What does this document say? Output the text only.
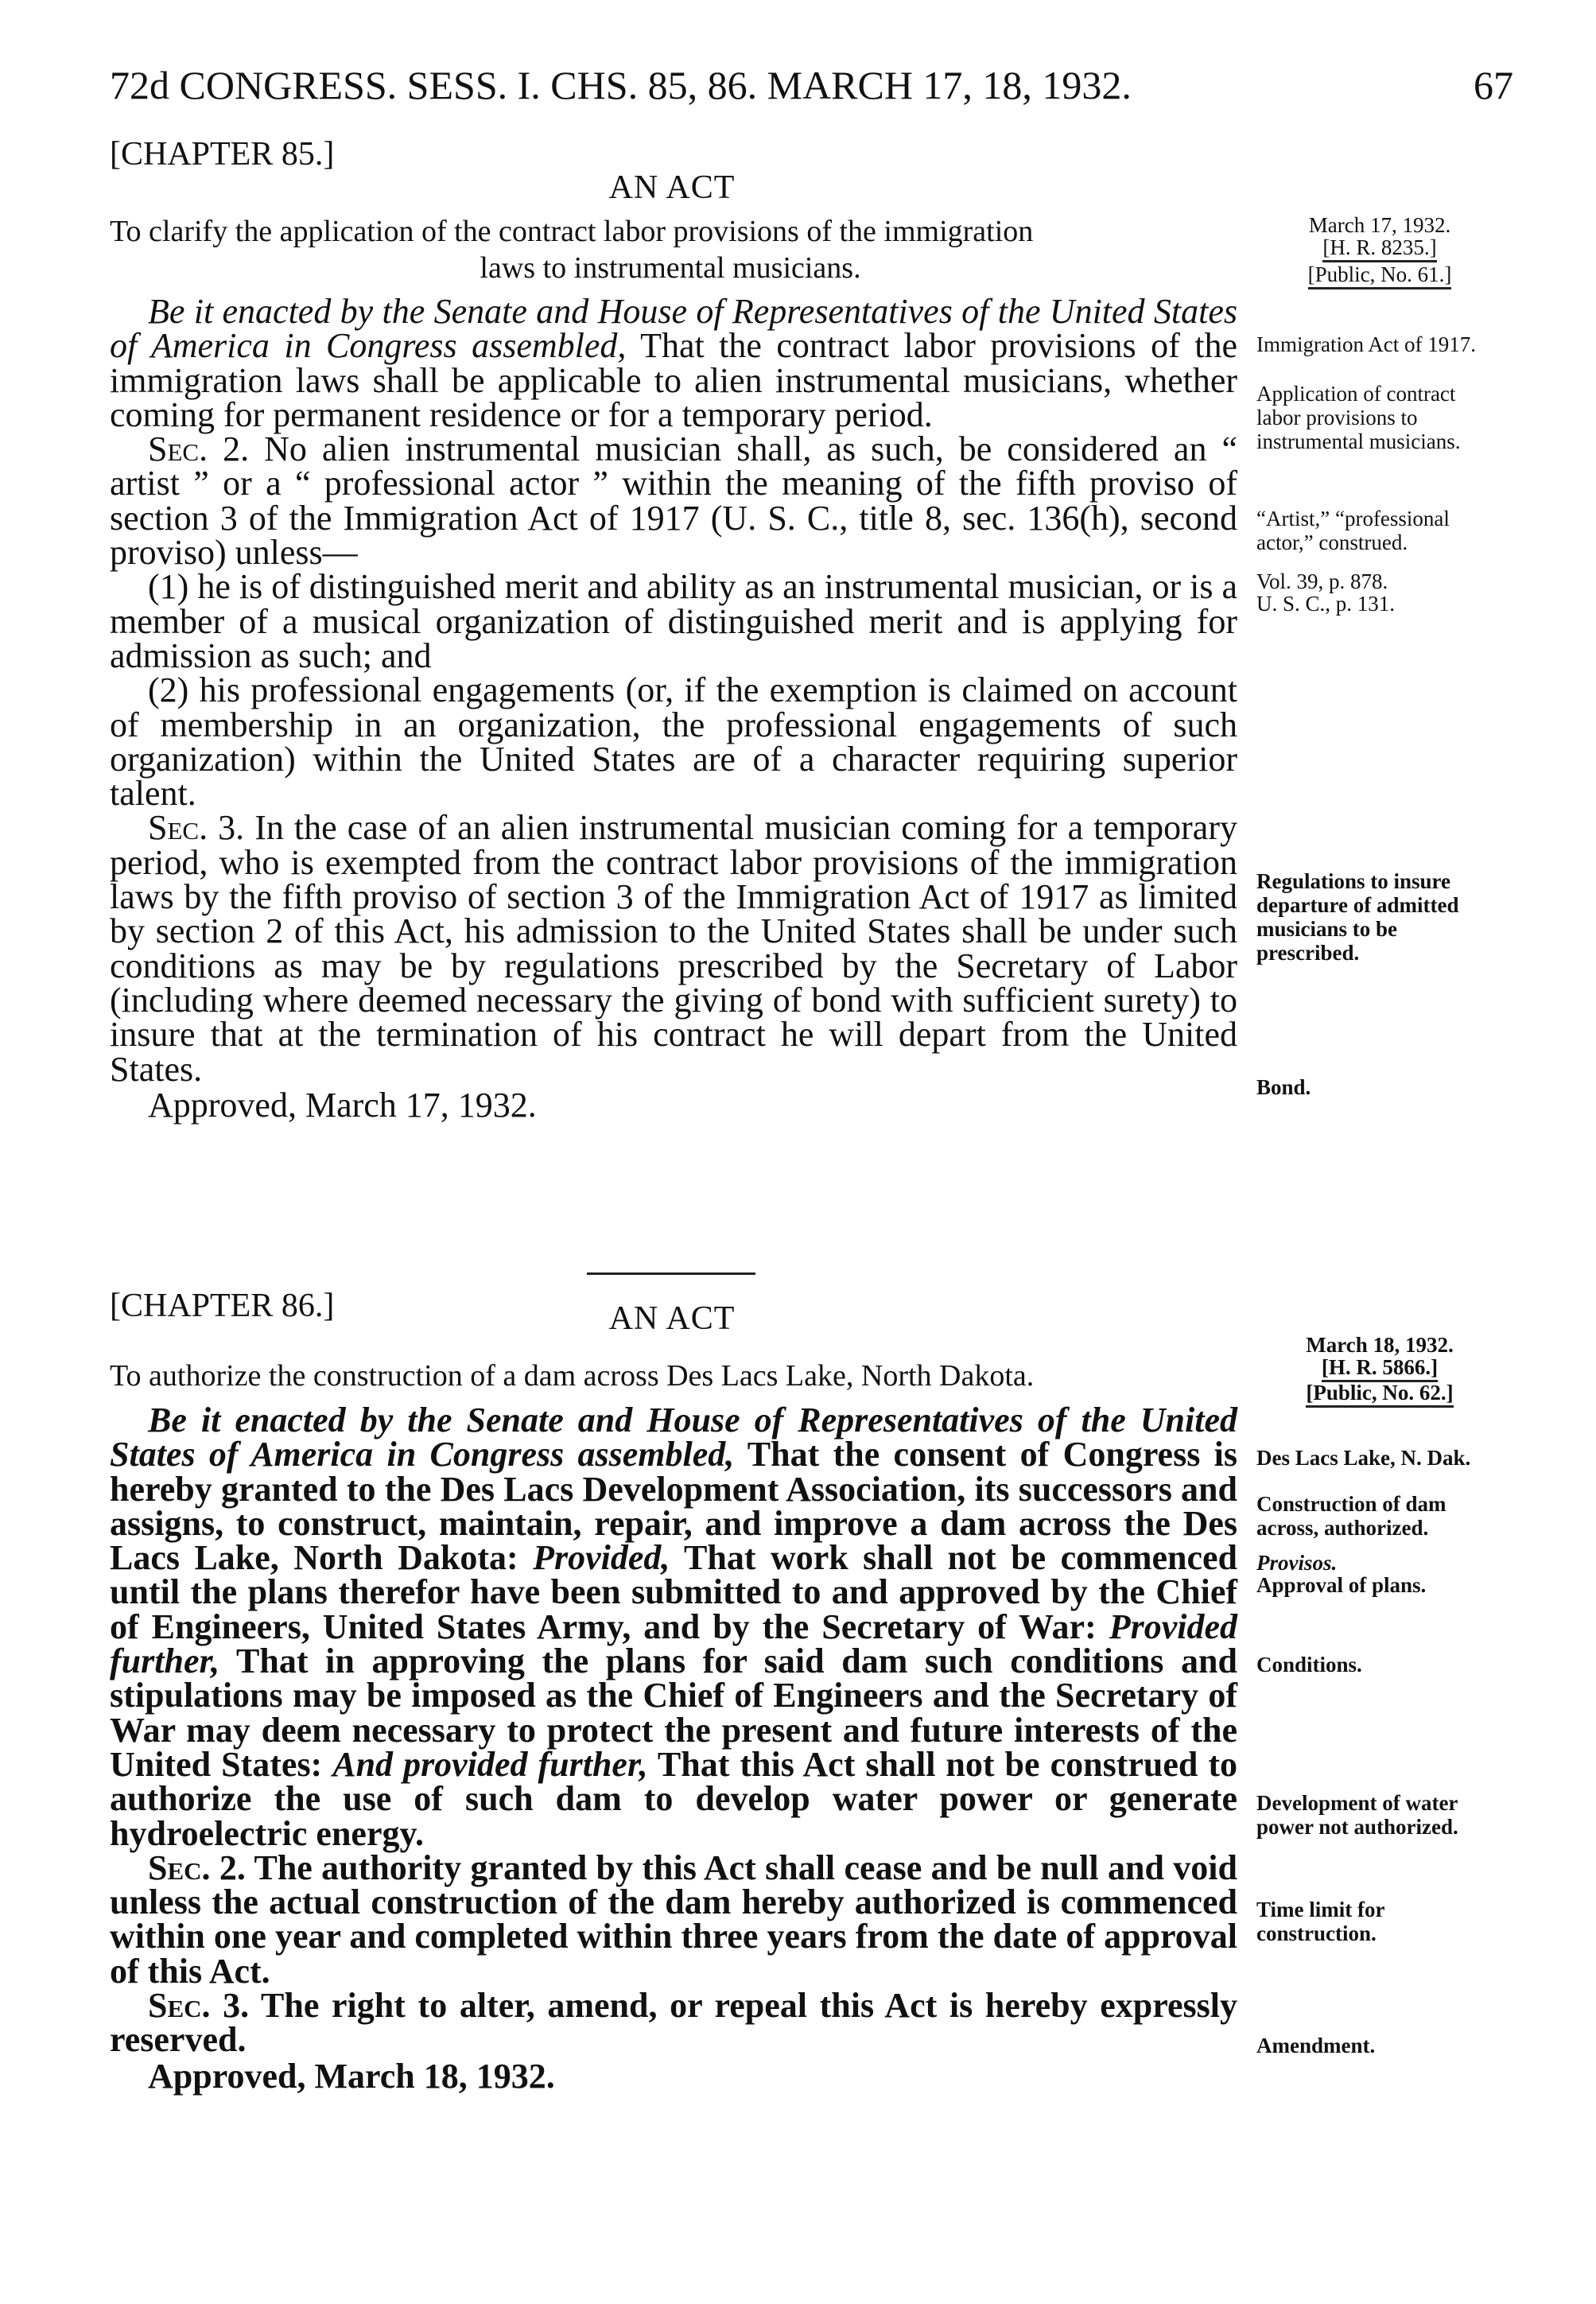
72d CONGRESS. SESS. I. CHS. 85, 86. MARCH 17, 18, 1932.	67
[CHAPTER 85.]
AN ACT
To clarify the application of the contract labor provisions of the immigration
laws to instrumental musicians.

Be it enacted by the Senate and House of Representatives of the United States of America in Congress assembled, That the contract labor provisions of the immigration laws shall be applicable to alien instrumental musicians, whether coming for permanent residence or for a temporary period.

Sec. 2. No alien instrumental musician shall, as such, be considered an “ artist ” or a “ professional actor ” within the meaning of the fifth proviso of section 3 of the Immigration Act of 1917 (U. S. C., title 8, sec. 136(h), second proviso) unless—

(1) he is of distinguished merit and ability as an instrumental musician, or is a member of a musical organization of distinguished merit and is applying for admission as such; and

(2) his professional engagements (or, if the exemption is claimed on account of membership in an organization, the professional engagements of such organization) within the United States are of a character requiring superior talent.

Sec. 3. In the case of an alien instrumental musician coming for a temporary period, who is exempted from the contract labor provisions of the immigration laws by the fifth proviso of section 3 of the Immigration Act of 1917 as limited by section 2 of this Act, his admission to the United States shall be under such conditions as may be by regulations prescribed by the Secretary of Labor (including where deemed necessary the giving of bond with sufficient surety) to insure that at the termination of his contract he will depart from the United States.

Approved, March 17, 1932.

March 17, 1932.
[H. R. 8235.]
[Public, No. 61.]
Immigration Act of 1917.
Application of contract labor provisions to instrumental musicians.
“Artist,” “professional actor,” construed.
Vol. 39, p. 878.
U. S. C., p. 131.
Regulations to insure departure of admitted musicians to be prescribed.
Bond.
[CHAPTER 86.]	AN ACT
To authorize the construction of a dam across Des Lacs Lake, North Dakota.

Be it enacted by the Senate and House of Representatives of the United States of America in Congress assembled, That the consent of Congress is hereby granted to the Des Lacs Development Association, its successors and assigns, to construct, maintain, repair, and improve a dam across the Des Lacs Lake, North Dakota: Provided, That work shall not be commenced until the plans therefor have been submitted to and approved by the Chief of Engineers, United States Army, and by the Secretary of War: Provided further, That in approving the plans for said dam such conditions and stipulations may be imposed as the Chief of Engineers and the Secretary of War may deem necessary to protect the present and future interests of the United States: And provided further, That this Act shall not be construed to authorize the use of such dam to develop water power or generate hydroelectric energy.

Sec. 2. The authority granted by this Act shall cease and be null and void unless the actual construction of the dam hereby authorized is commenced within one year and completed within three years from the date of approval of this Act.

Sec. 3. The right to alter, amend, or repeal this Act is hereby expressly reserved.

Approved, March 18, 1932.

March 18, 1932.
[H. R. 5866.]
[Public, No. 62.]
Des Lacs Lake, N. Dak.
Construction of dam across, authorized.
Provisos.
Approval of plans.
Conditions.
Development of water power not authorized.
Time limit for construction.
Amendment.
